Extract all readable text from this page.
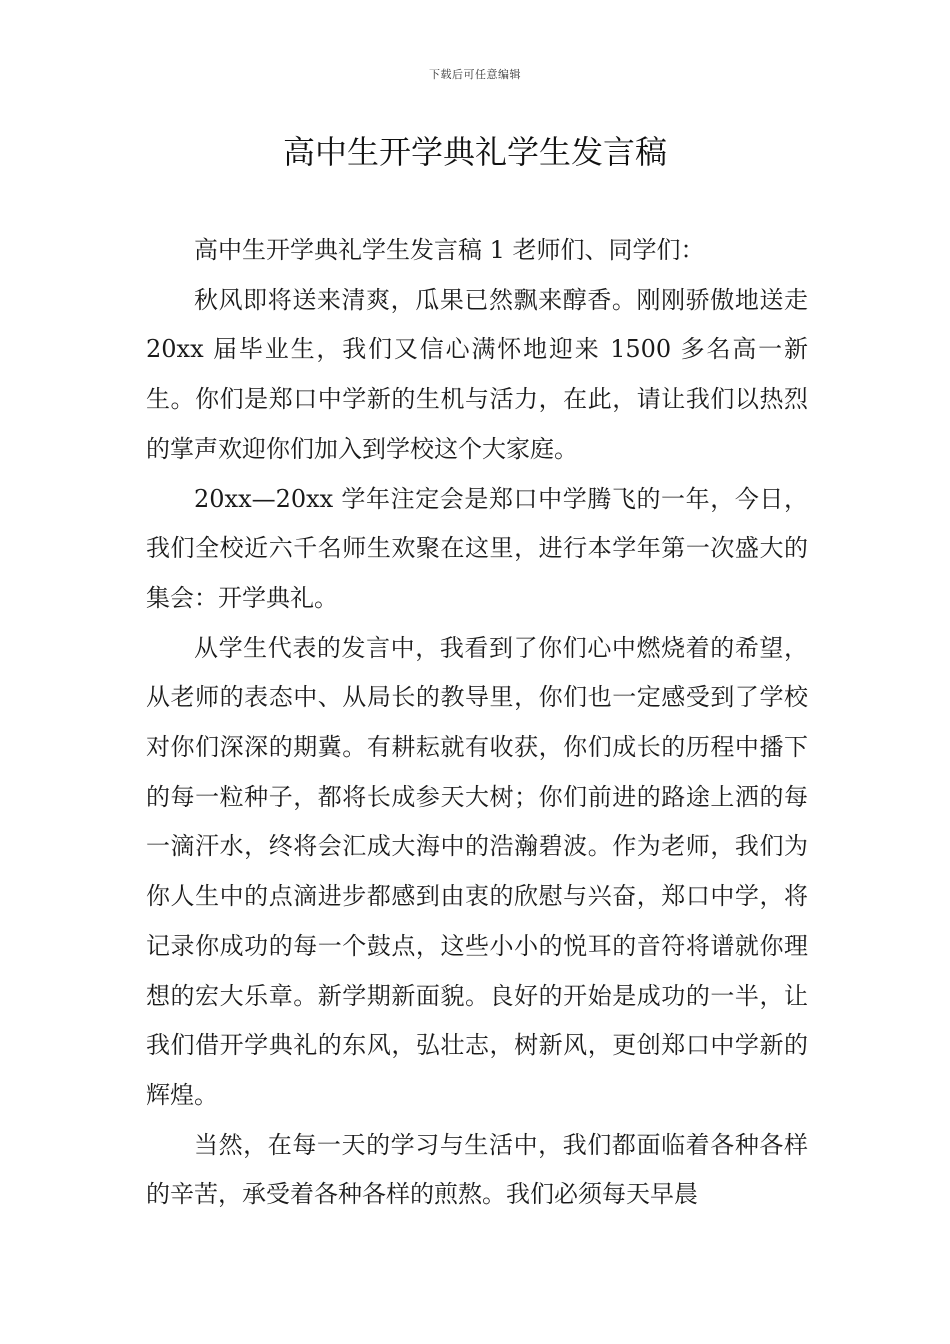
下载后可任意编辑
高中生开学典礼学生发言稿

高中生开学典礼学生发言稿 1 老师们、同学们：

秋风即将送来清爽，瓜果已然飘来醇香。刚刚骄傲地送走 20xx 届毕业生，我们又信心满怀地迎来 1500 多名高一新生。你们是郑口中学新的生机与活力，在此，请让我们以热烈的掌声欢迎你们加入到学校这个大家庭。

20xx—20xx 学年注定会是郑口中学腾飞的一年，今日，我们全校近六千名师生欢聚在这里，进行本学年第一次盛大的集会：开学典礼。

从学生代表的发言中，我看到了你们心中燃烧着的希望，从老师的表态中、从局长的教导里，你们也一定感受到了学校对你们深深的期冀。有耕耘就有收获，你们成长的历程中播下的每一粒种子，都将长成参天大树；你们前进的路途上洒的每一滴汗水，终将会汇成大海中的浩瀚碧波。作为老师，我们为你人生中的点滴进步都感到由衷的欣慰与兴奋，郑口中学，将记录你成功的每一个鼓点，这些小小的悦耳的音符将谱就你理想的宏大乐章。新学期新面貌。良好的开始是成功的一半，让我们借开学典礼的东风，弘壮志，树新风，更创郑口中学新的辉煌。

当然，在每一天的学习与生活中，我们都面临着各种各样的辛苦，承受着各种各样的煎熬。我们必须每天早晨
